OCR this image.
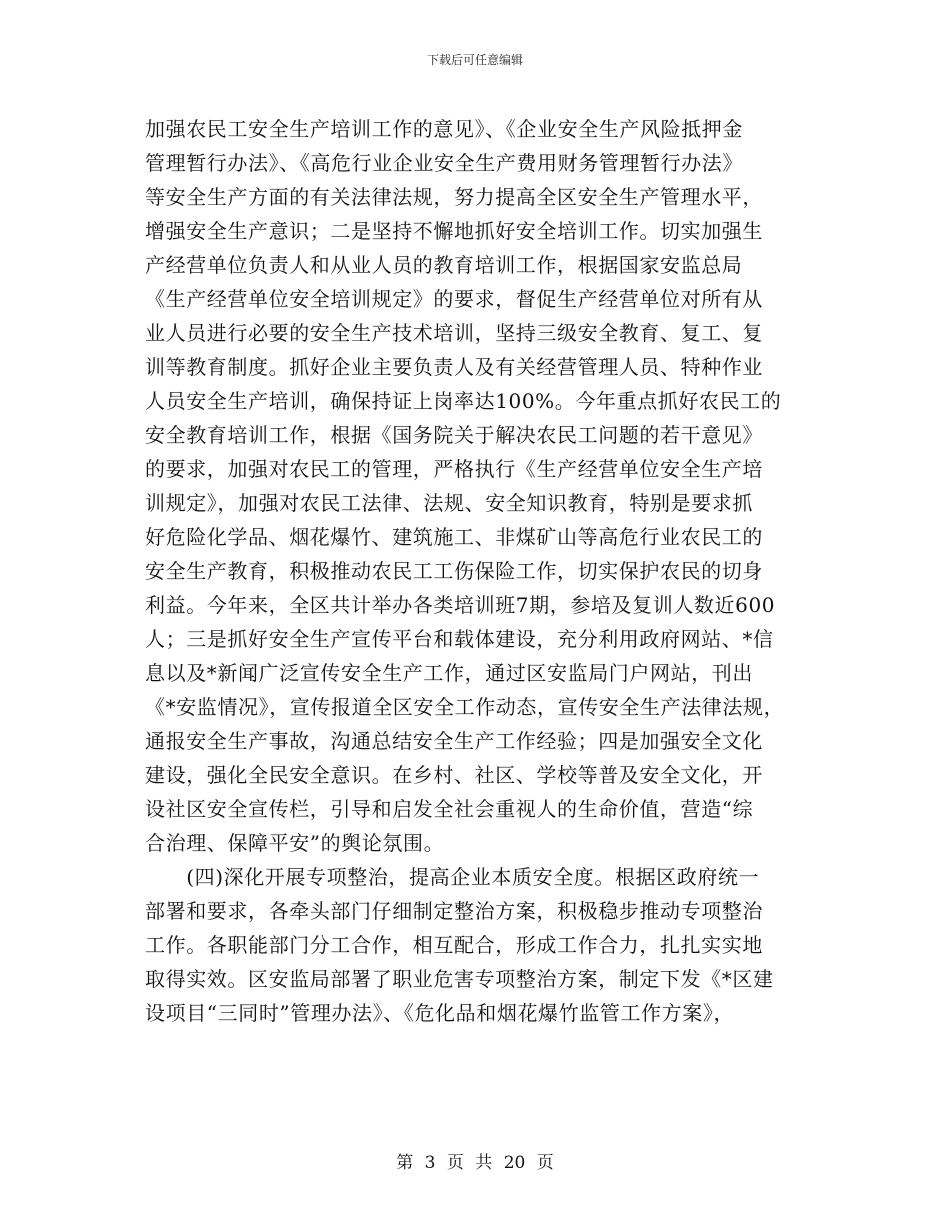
下载后可任意编辑
加强农民工安全生产培训工作的意见》、《企业安全生产风险抵押金
管理暂行办法》、《高危行业企业安全生产费用财务管理暂行办法》
等安全生产方面的有关法律法规，努力提高全区安全生产管理水平，
增强安全生产意识；二是坚持不懈地抓好安全培训工作。切实加强生
产经营单位负责人和从业人员的教育培训工作，根据国家安监总局
《生产经营单位安全培训规定》的要求，督促生产经营单位对所有从
业人员进行必要的安全生产技术培训，坚持三级安全教育、复工、复
训等教育制度。抓好企业主要负责人及有关经营管理人员、特种作业
人员安全生产培训，确保持证上岗率达100%。今年重点抓好农民工的
安全教育培训工作，根据《国务院关于解决农民工问题的若干意见》
的要求，加强对农民工的管理，严格执行《生产经营单位安全生产培
训规定》，加强对农民工法律、法规、安全知识教育，特别是要求抓
好危险化学品、烟花爆竹、建筑施工、非煤矿山等高危行业农民工的
安全生产教育，积极推动农民工工伤保险工作，切实保护农民的切身
利益。今年来，全区共计举办各类培训班7期，参培及复训人数近600
人；三是抓好安全生产宣传平台和载体建设，充分利用政府网站、*信
息以及*新闻广泛宣传安全生产工作，通过区安监局门户网站，刊出
《*安监情况》，宣传报道全区安全工作动态，宣传安全生产法律法规，
通报安全生产事故，沟通总结安全生产工作经验；四是加强安全文化
建设，强化全民安全意识。在乡村、社区、学校等普及安全文化，开
设社区安全宣传栏，引导和启发全社会重视人的生命价值，营造“综
合治理、保障平安”的舆论氛围。
　　(四)深化开展专项整治，提高企业本质安全度。根据区政府统一
部署和要求，各牵头部门仔细制定整治方案，积极稳步推动专项整治
工作。各职能部门分工合作，相互配合，形成工作合力，扎扎实实地
取得实效。区安监局部署了职业危害专项整治方案，制定下发《*区建
设项目“三同时”管理办法》、《危化品和烟花爆竹监管工作方案》，
第 3 页 共 20 页
